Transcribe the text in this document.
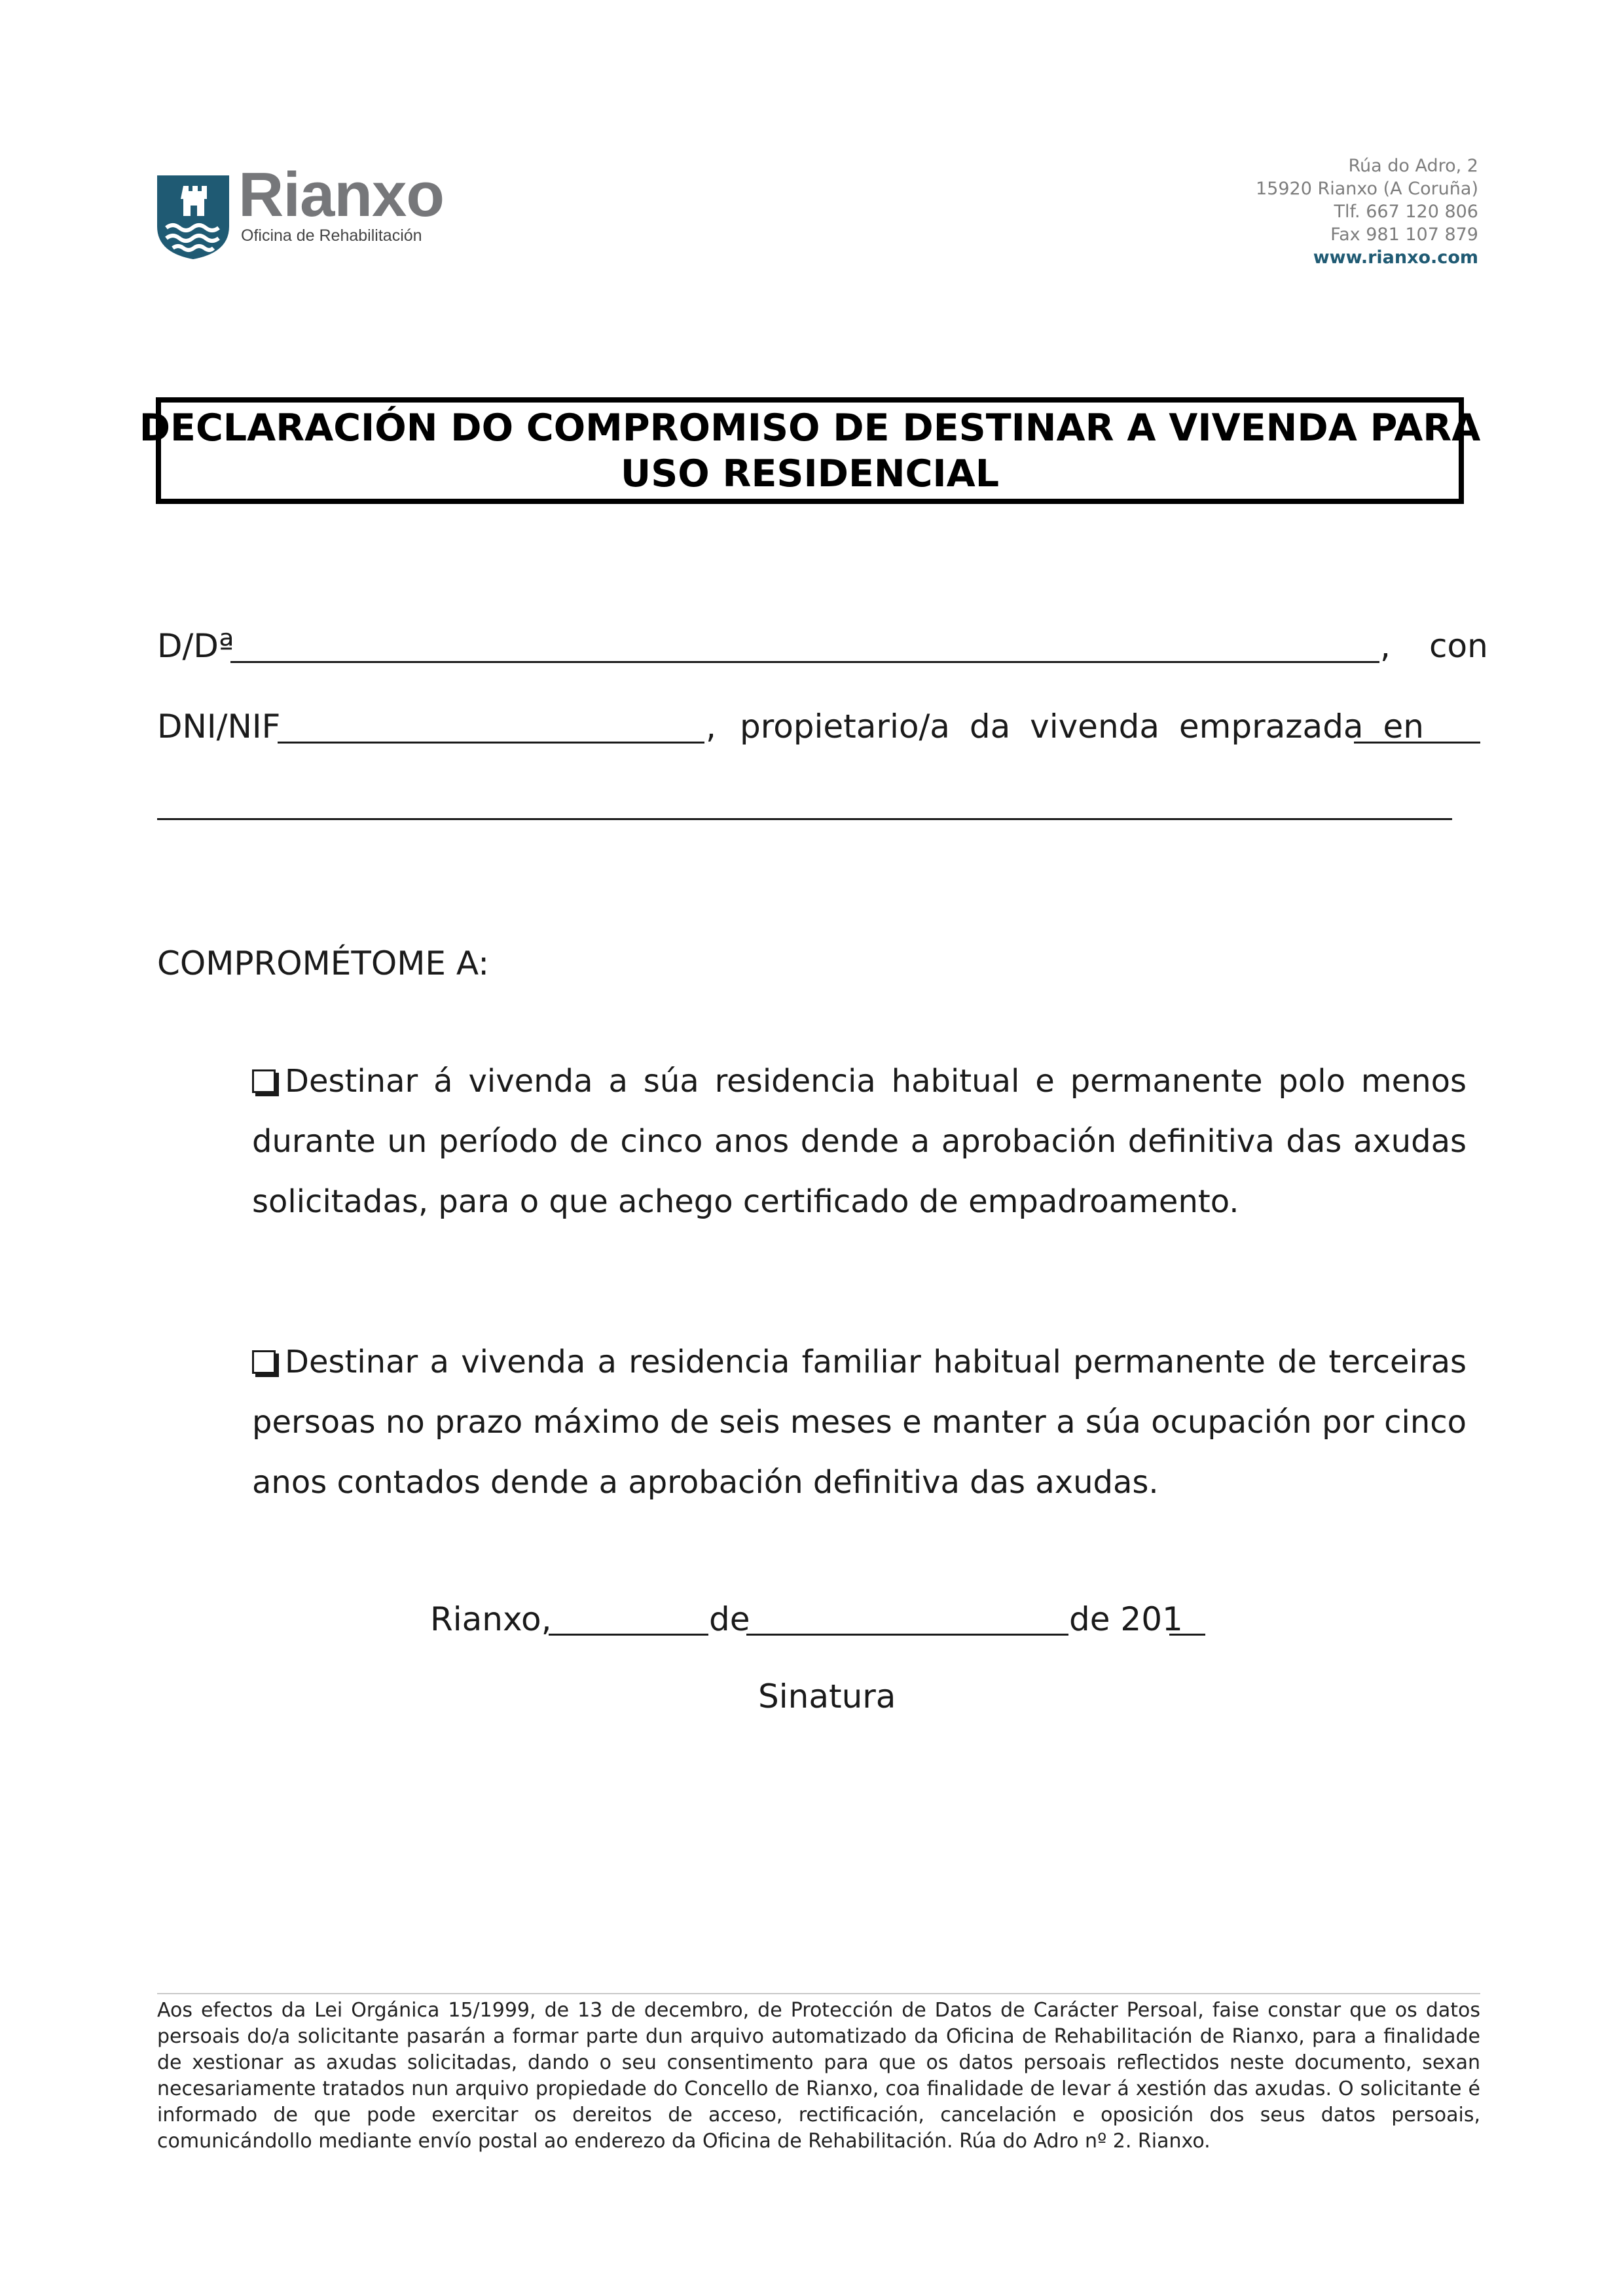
Rianxo
Oficina de Rehabilitación
Rúa do Adro, 2
15920 Rianxo (A Coruña)
Tlf. 667 120 806
Fax 981 107 879
www.rianxo.com
DECLARACIÓN DO COMPROMISO DE DESTINAR A VIVENDA PARA
USO RESIDENCIAL
D/Dª	, con
DNI/NIF	, propietario/a da vivenda emprazada en
COMPROMÉTOME A:
Destinar á vivenda a súa residencia habitual e permanente polo menos durante un período de cinco anos dende a aprobación definitiva das axudas solicitadas, para o que achego certificado de empadroamento.
Destinar a vivenda a residencia familiar habitual permanente de terceiras persoas no prazo máximo de seis meses e manter a súa ocupación por cinco anos contados dende a aprobación definitiva das axudas.
Rianxo,	de	de 201
Sinatura
Aos efectos da Lei Orgánica 15/1999, de 13 de decembro, de Protección de Datos de Carácter Persoal, faise constar que os datos persoais do/a solicitante pasarán a formar parte dun arquivo automatizado da Oficina de Rehabilitación de Rianxo, para a finalidade de xestionar as axudas solicitadas, dando o seu consentimento para que os datos persoais reflectidos neste documento, sexan necesariamente tratados nun arquivo propiedade do Concello de Rianxo, coa finalidade de levar á xestión das axudas. O solicitante é informado de que pode exercitar os dereitos de acceso, rectificación, cancelación e oposición dos seus datos persoais, comunicándollo mediante envío postal ao enderezo da Oficina de Rehabilitación. Rúa do Adro nº 2. Rianxo.
